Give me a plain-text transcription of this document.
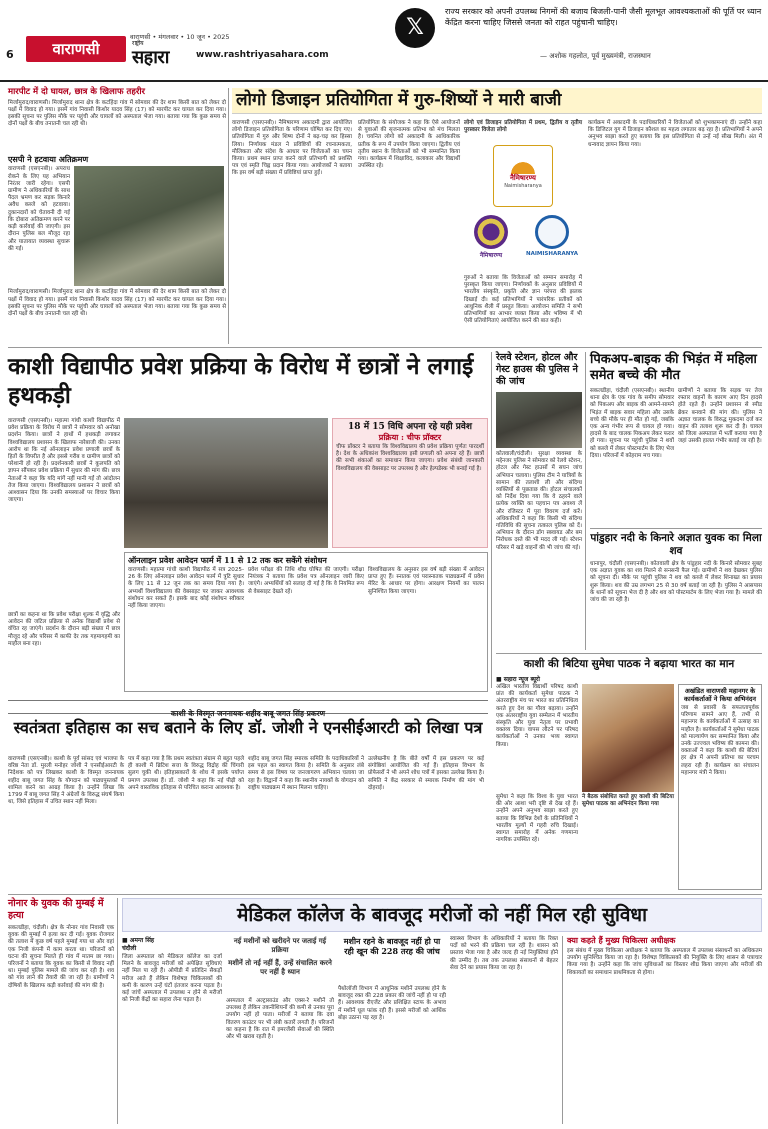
6	वाराणसी
वाराणसी • मंगलवार • 10 जून • 2025
राष्ट्रीय
सहारा	www.rashtriyasahara.com
𝕏
राज्य सरकार को अपनी उपलब्ध निगमों की बजाय बिजली-पानी जैसी मूलभूत आवश्यकताओं की पूर्ति पर ध्यान केंद्रित करना चाहिए जिससे जनता को राहत पहुंचानी चाहिए।
— अशोक गहलोत, पूर्व मुख्यमंत्री, राजस्थान
मारपीट में दो घायल, छात्र के खिलाफ तहरीर
मिर्जामुराद/वाराणसी। मिर्जामुराद थाना क्षेत्र के कटहिंदा गांव में सोमवार की देर शाम किसी बात को लेकर दो पक्षों में विवाद हो गया। इसमें गांव निवासी किशोर यादव सिंह (17) को मारपीट कर घायल कर दिया गया। इसकी सूचना पर पुलिस मौके पर पहुंची और घायलों को अस्पताल भेजा गया। बताया गया कि कुछ समय से दोनों पक्षों के बीच तनातनी चल रही थी।
एसपी ने हटवाया अतिक्रमण
वाराणसी (एसएनबी)। अपराध रोकने के लिए यह अभियान निरंतर जारी रहेगा। एसपी ग्रामीण ने अधिकारियों के साथ पैदल भ्रमण कर सड़क किनारे अवैध कब्जे को हटवाया। दुकानदारों को चेतावनी दी गई कि दोबारा अतिक्रमण करने पर कड़ी कार्रवाई की जाएगी। इस दौरान पुलिस बल मौजूद रहा और यातायात व्यवस्था सुचारू की गई।
मिर्जामुराद/वाराणसी। मिर्जामुराद थाना क्षेत्र के कटहिंदा गांव में सोमवार की देर शाम किसी बात को लेकर दो पक्षों में विवाद हो गया। इसमें गांव निवासी किशोर यादव सिंह (17) को मारपीट कर घायल कर दिया गया। इसकी सूचना पर पुलिस मौके पर पहुंची और घायलों को अस्पताल भेजा गया। बताया गया कि कुछ समय से दोनों पक्षों के बीच तनातनी चल रही थी।
लोगो डिजाइन प्रतियोगिता में गुरु-शिष्यों ने मारी बाजी
वाराणसी (एसएनबी)। नैमिषारण्य अकादमी द्वारा आयोजित लोगो डिजाइन प्रतियोगिता के परिणाम घोषित कर दिए गए। प्रतियोगिता में गुरु और शिष्य दोनों ने बढ़-चढ़ कर हिस्सा लिया। निर्णायक मंडल ने प्रविष्टियों की रचनात्मकता, मौलिकता और संदेश के आधार पर विजेताओं का चयन किया। प्रथम स्थान प्राप्त करने वाले प्रतिभागी को प्रशस्ति पत्र एवं स्मृति चिह्न प्रदान किया गया। आयोजकों ने बताया कि इस वर्ष बड़ी संख्या में प्रविष्टियां प्राप्त हुईं।
प्रतियोगिता के संयोजक ने कहा कि ऐसे आयोजनों से युवाओं की सृजनात्मक प्रतिभा को मंच मिलता है। चयनित लोगो को अकादमी के आधिकारिक प्रतीक के रूप में उपयोग किया जाएगा। द्वितीय एवं तृतीय स्थान के विजेताओं को भी सम्मानित किया गया। कार्यक्रम में शिक्षाविद, कलाकार और विद्यार्थी उपस्थित रहे।
लोगो एवं डिजाइन प्रतियोगिता में प्रथम, द्वितीय व तृतीय पुरस्कार विजेता लोगो
नैमिषारण्य
Naimisharanya
नैमिषारण्य	NAIMISHARANYA
गुरुओं ने बताया कि विजेताओं को सम्मान समारोह में पुरस्कृत किया जाएगा। निर्णायकों के अनुसार प्रविष्टियों में भारतीय संस्कृति, प्रकृति और ज्ञान परंपरा की झलक दिखाई दी। कई प्रतिभागियों ने पारंपरिक प्रतीकों को आधुनिक शैली में प्रस्तुत किया। आयोजन समिति ने सभी प्रतिभागियों का आभार व्यक्त किया और भविष्य में भी ऐसी प्रतियोगिताएं आयोजित करने की बात कही।
कार्यक्रम में अकादमी के पदाधिकारियों ने विजेताओं को शुभकामनाएं दीं। उन्होंने कहा कि डिजिटल युग में डिजाइन कौशल का महत्व लगातार बढ़ रहा है। प्रतिभागियों ने अपने अनुभव साझा करते हुए बताया कि इस प्रतियोगिता से उन्हें नई सीख मिली। अंत में धन्यवाद ज्ञापन किया गया।
काशी विद्यापीठ प्रवेश प्रक्रिया के विरोध में छात्रों ने लगाई हथकड़ी
वाराणसी (एसएनबी)। महात्मा गांधी काशी विद्यापीठ में प्रवेश प्रक्रिया के विरोध में छात्रों ने सोमवार को अनोखा प्रदर्शन किया। छात्रों ने हाथों में हथकड़ी लगाकर विश्वविद्यालय प्रशासन के खिलाफ नारेबाजी की। उनका आरोप था कि नई ऑनलाइन प्रवेश प्रणाली छात्रों के हितों के विपरीत है और इससे गरीब व ग्रामीण छात्रों को परेशानी हो रही है। प्रदर्शनकारी छात्रों ने कुलपति को ज्ञापन सौंपकर प्रवेश प्रक्रिया में सुधार की मांग की। छात्र नेताओं ने कहा कि यदि मांगें नहीं मानी गईं तो आंदोलन तेज किया जाएगा। विश्वविद्यालय प्रशासन ने छात्रों को आश्वासन दिया कि उनकी समस्याओं पर विचार किया जाएगा।
18 में 15 विधि अपना रहे यही प्रवेश
प्रक्रिया : चीफ प्रॉक्टर
चीफ प्रॉक्टर ने बताया कि विश्वविद्यालय की प्रवेश प्रक्रिया पूर्णतः पारदर्शी है। देश के अधिकांश विश्वविद्यालय इसी प्रणाली को अपना रहे हैं। छात्रों की सभी शंकाओं का समाधान किया जाएगा। प्रवेश संबंधी जानकारी विश्वविद्यालय की वेबसाइट पर उपलब्ध है और हेल्पडेस्क भी बनाई गई है।
ऑनलाइन प्रवेश आवेदन फार्म में 11 से 12 तक कर सकेंगे संशोधन
वाराणसी। महात्मा गांधी काशी विद्यापीठ में सत्र 2025-26 के लिए ऑनलाइन प्रवेश आवेदन फार्म में त्रुटि सुधार के लिए 11 से 12 जून तक का समय दिया गया है। अभ्यर्थी विश्वविद्यालय की वेबसाइट पर जाकर आवश्यक संशोधन कर सकते हैं। इसके बाद कोई संशोधन स्वीकार नहीं किया जाएगा।
प्रवेश परीक्षा की तिथि शीघ्र घोषित की जाएगी। परीक्षा नियंत्रक ने बताया कि प्रवेश पत्र ऑनलाइन जारी किए जाएंगे। अभ्यर्थियों को सलाह दी गई है कि वे नियमित रूप से वेबसाइट देखते रहें।
विश्वविद्यालय के अनुसार इस वर्ष बड़ी संख्या में आवेदन प्राप्त हुए हैं। स्नातक एवं परास्नातक पाठ्यक्रमों में प्रवेश मेरिट के आधार पर होगा। आरक्षण नियमों का पालन सुनिश्चित किया जाएगा।
छात्रों का कहना था कि प्रवेश परीक्षा शुल्क में वृद्धि और आवेदन की जटिल प्रक्रिया से अनेक विद्यार्थी प्रवेश से वंचित रह जाएंगे। प्रदर्शन के दौरान बड़ी संख्या में छात्र मौजूद रहे और परिसर में काफी देर तक गहमागहमी का माहौल बना रहा।
काशी के विस्मृत जननायक शहीद बाबू जगत सिंह प्रकरण
स्वतंत्रता इतिहास का सच बताने के लिए डॉ. जोशी ने एनसीईआरटी को लिखा पत्र
रेलवे स्टेशन, होटल और गेस्ट हाउस की पुलिस ने की जांच
कोतवाली/चंदौली। सुरक्षा व्यवस्था के मद्देनजर पुलिस ने सोमवार को रेलवे स्टेशन, होटल और गेस्ट हाउसों में सघन जांच अभियान चलाया। पुलिस टीम ने यात्रियों के सामान की तलाशी ली और संदिग्ध व्यक्तियों से पूछताछ की। होटल संचालकों को निर्देश दिया गया कि वे ठहरने वाले प्रत्येक व्यक्ति का पहचान पत्र अवश्य लें और रजिस्टर में पूरा विवरण दर्ज करें। अधिकारियों ने कहा कि किसी भी संदिग्ध गतिविधि की सूचना तत्काल पुलिस को दें। अभियान के दौरान डॉग स्क्वायड और बम निरोधक दस्ते की भी मदद ली गई। स्टेशन परिसर में खड़े वाहनों की भी जांच की गई।
पिकअप-बाइक की भिड़ंत में महिला समेत बच्चे की मौत
सकलडीहा, चंदौली (एसएनबी)। स्थानीय थाना क्षेत्र के एक गांव के समीप सोमवार को पिकअप और बाइक की आमने-सामने भिड़ंत में बाइक सवार महिला और उसके बच्चे की मौके पर ही मौत हो गई, जबकि एक अन्य गंभीर रूप से घायल हो गया। हादसे के बाद चालक पिकअप लेकर फरार हो गया। सूचना पर पहुंची पुलिस ने शवों को कब्जे में लेकर पोस्टमार्टम के लिए भेज दिया। परिजनों में कोहराम मच गया।
ग्रामीणों ने बताया कि सड़क पर तेज रफ्तार वाहनों के कारण आए दिन हादसे होते रहते हैं। उन्होंने प्रशासन से स्पीड ब्रेकर बनवाने की मांग की। पुलिस ने अज्ञात चालक के विरुद्ध मुकदमा दर्ज कर वाहन की तलाश शुरू कर दी है। घायल को जिला अस्पताल में भर्ती कराया गया है जहां उसकी हालत गंभीर बताई जा रही है।
पांडुहार नदी के किनारे अज्ञात युवक का मिला शव
धानापुर, चंदौली (एसएनबी)। कोतवाली क्षेत्र के पांडुहार नदी के किनारे सोमवार सुबह एक अज्ञात युवक का शव मिलने से सनसनी फैल गई। ग्रामीणों ने शव देखकर पुलिस को सूचना दी। मौके पर पहुंची पुलिस ने शव को कब्जे में लेकर शिनाख्त का प्रयास शुरू किया। शव की उम्र लगभग 25 से 30 वर्ष बताई जा रही है। पुलिस ने आसपास के थानों को सूचना भेज दी है और शव को पोस्टमार्टम के लिए भेजा गया है। मामले की जांच की जा रही है।
वाराणसी (एसएनबी)। काशी के पूर्व सांसद एवं भाजपा के वरिष्ठ नेता डॉ. मुरली मनोहर जोशी ने एनसीईआरटी के निदेशक को पत्र लिखकर काशी के विस्मृत जननायक शहीद बाबू जगत सिंह के योगदान को पाठ्यपुस्तकों में शामिल करने का आग्रह किया है। उन्होंने लिखा कि 1799 में बाबू जगत सिंह ने अंग्रेजों के विरुद्ध संघर्ष किया था, जिसे इतिहास में उचित स्थान नहीं मिला।
पत्र में कहा गया है कि प्रथम स्वतंत्रता संग्राम से बहुत पहले ही काशी में ब्रिटिश सत्ता के विरुद्ध विद्रोह की चिंगारी सुलग चुकी थी। इतिहासकारों के शोध में इसके पर्याप्त प्रमाण उपलब्ध हैं। डॉ. जोशी ने कहा कि नई पीढ़ी को अपने वास्तविक इतिहास से परिचित कराना आवश्यक है।
शहीद बाबू जगत सिंह स्मारक समिति के पदाधिकारियों ने इस पहल का स्वागत किया है। समिति के अनुसार लंबे समय से इस विषय पर जनजागरण अभियान चलाया जा रहा है। विद्वानों ने कहा कि स्थानीय नायकों के योगदान को राष्ट्रीय पाठ्यक्रम में स्थान मिलना चाहिए।
उल्लेखनीय है कि बीते वर्षों में इस प्रकरण पर कई संगोष्ठियां आयोजित की गई हैं। इतिहास विभाग के प्रोफेसरों ने भी अपने शोध पत्रों में इसका उल्लेख किया है। समिति ने केंद्र सरकार से स्मारक निर्माण की मांग भी दोहराई।
काशी की बिटिया सुमेधा पाठक ने बढ़ाया भारत का मान
■ सहारा न्यूज ब्यूरो
अखिल भारतीय विद्यार्थी परिषद काशी प्रांत की कार्यकर्ता सुमेधा पाठक ने अंतरराष्ट्रीय मंच पर भारत का प्रतिनिधित्व करते हुए देश का गौरव बढ़ाया। उन्होंने एक अंतरराष्ट्रीय युवा सम्मेलन में भारतीय संस्कृति और युवा नेतृत्व पर प्रभावी वक्तव्य दिया। वापस लौटने पर परिषद कार्यकर्ताओं ने उनका भव्य स्वागत किया।
ने बैठक संबोधित करते हुए काशी की बिटिया सुमेधा पाठक का अभिनंदन किया गया
सुमेधा ने कहा कि विश्व के युवा भारत की ओर आशा भरी दृष्टि से देख रहे हैं। उन्होंने अपने अनुभव साझा करते हुए बताया कि विभिन्न देशों के प्रतिनिधियों ने भारतीय मूल्यों में गहरी रुचि दिखाई। स्वागत समारोह में अनेक गणमान्य नागरिक उपस्थित रहे।
अखंडित वाराणसी महानगर के कार्यकर्ताओं ने किया अभिनंदन
जब से प्रवासी के सफलतापूर्वक परिणाम सामने आए हैं, तभी से महानगर के कार्यकर्ताओं में उत्साह का माहौल है। कार्यकर्ताओं ने सुमेधा पाठक को माल्यार्पण कर सम्मानित किया और उनके उज्ज्वल भविष्य की कामना की। वक्ताओं ने कहा कि काशी की बेटियां हर क्षेत्र में अपनी प्रतिभा का परचम लहरा रही हैं। कार्यक्रम का संचालन महानगर मंत्री ने किया।
नोनार के युवक की मुम्बई में हत्या
सकलडीहा, चंदौली। क्षेत्र के नोनार गांव निवासी एक युवक की मुम्बई में हत्या कर दी गई। युवक रोजगार की तलाश में कुछ वर्ष पहले मुम्बई गया था और वहां एक निजी कंपनी में काम करता था। परिजनों को घटना की सूचना मिलते ही गांव में मातम छा गया। परिजनों ने बताया कि युवक का किसी से विवाद नहीं था। मुम्बई पुलिस मामले की जांच कर रही है। शव को गांव लाने की तैयारी की जा रही है। ग्रामीणों ने दोषियों के खिलाफ कड़ी कार्रवाई की मांग की है।
मेडिकल कॉलेज के बावजूद मरीजों को नहीं मिल रही सुविधा
■ अमन्त सिंह
चंदौली
जिला अस्पताल को मेडिकल कॉलेज का दर्जा मिलने के बावजूद मरीजों को अपेक्षित सुविधाएं नहीं मिल पा रही हैं। ओपीडी में प्रतिदिन सैकड़ों मरीज आते हैं लेकिन विशेषज्ञ चिकित्सकों की कमी के कारण उन्हें घंटों इंतजार करना पड़ता है। कई जांचें अस्पताल में उपलब्ध न होने से मरीजों को निजी केंद्रों का सहारा लेना पड़ता है।
नई मशीनों को खरीदने पर जताई गई प्रक्रिया
मशीनें तो नई नहीं हैं, उन्हें संचालित करने पर नहीं है ध्यान
अस्पताल में अल्ट्रासाउंड और एक्स-रे मशीनें तो उपलब्ध हैं लेकिन तकनीशियनों की कमी से उनका पूरा उपयोग नहीं हो पाता। मरीजों ने बताया कि दवा वितरण काउंटर पर भी लंबी कतारें लगती हैं। परिजनों का कहना है कि रात में इमरजेंसी सेवाओं की स्थिति और भी खराब रहती है।
मशीन रहने के बावजूद नहीं हो पा रही खून की 228 तरह की जांच
पैथोलॉजी विभाग में आधुनिक मशीनें उपलब्ध होने के बावजूद रक्त की 228 प्रकार की जांचें नहीं हो पा रही हैं। आवश्यक रीएजेंट और प्रशिक्षित स्टाफ के अभाव में मशीनें धूल फांक रही हैं। इससे मरीजों को आर्थिक बोझ उठाना पड़ रहा है।
स्वास्थ्य विभाग के अधिकारियों ने बताया कि रिक्त पदों को भरने की प्रक्रिया चल रही है। शासन को प्रस्ताव भेजा गया है और जल्द ही नई नियुक्तियां होने की उम्मीद है। तब तक उपलब्ध संसाधनों से बेहतर सेवा देने का प्रयास किया जा रहा है।
क्या कहते हैं मुख्य चिकित्सा अधीक्षक
इस संबंध में मुख्य चिकित्सा अधीक्षक ने बताया कि अस्पताल में उपलब्ध संसाधनों का अधिकतम उपयोग सुनिश्चित किया जा रहा है। विशेषज्ञ चिकित्सकों की नियुक्ति के लिए शासन से पत्राचार किया गया है। उन्होंने कहा कि जांच सुविधाओं का विस्तार शीघ्र किया जाएगा और मरीजों की शिकायतों का समाधान प्राथमिकता से होगा।
